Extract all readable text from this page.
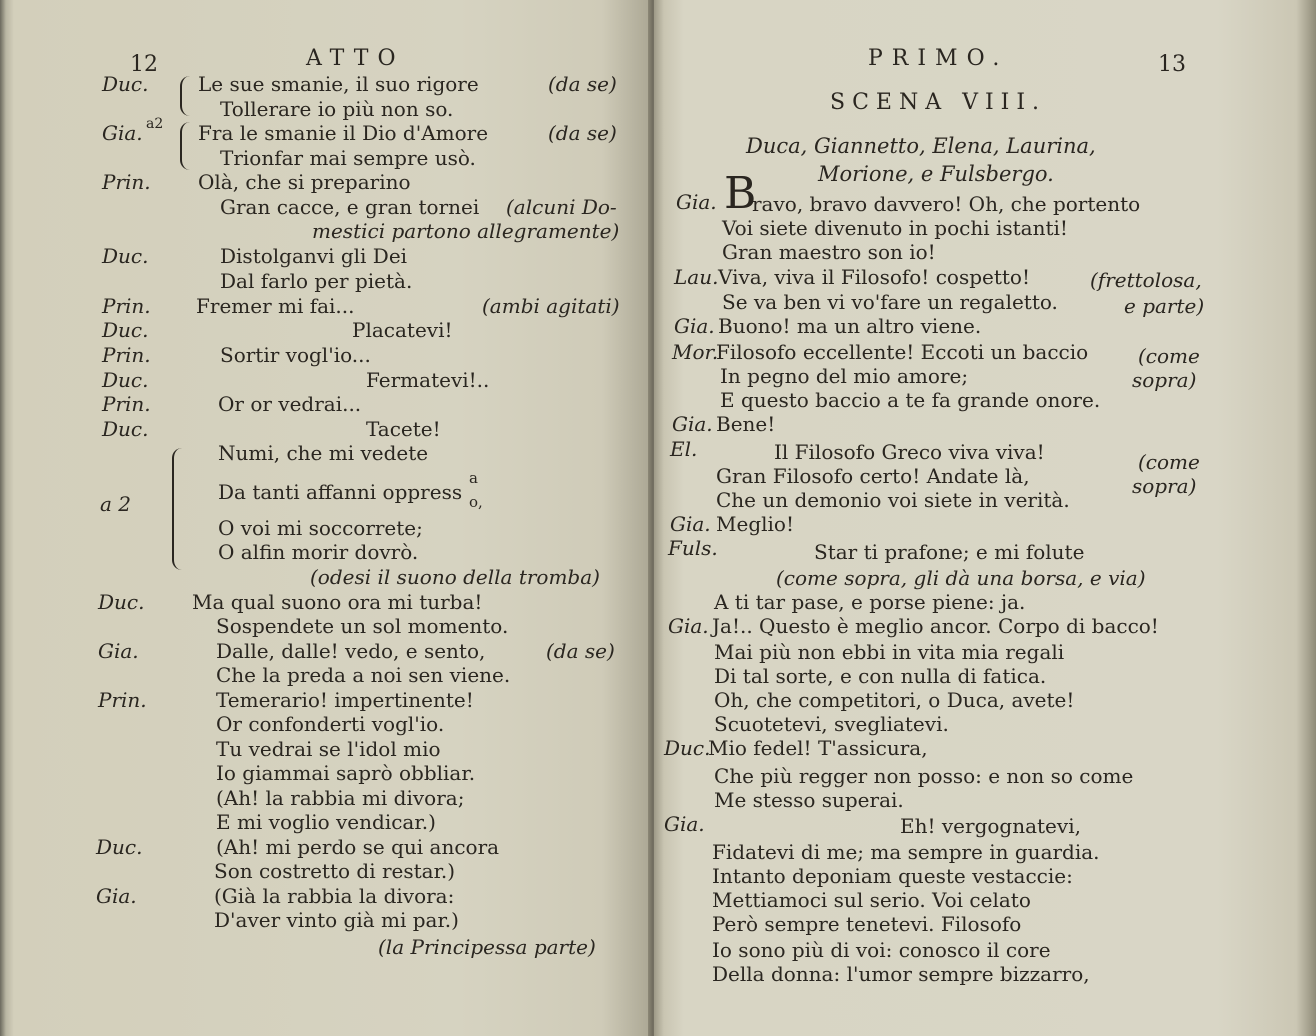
12	ATTO
a2
Duc. Le sue smanie, il suo rigore	(da se)
Tollerare io più non so.
Gia.	Fra le smanie il Dio d'Amore	(da se)
Trionfar mai sempre usò.
Prin. Olà, che si preparino
Gran cacce, e gran tornei (alcuni Do-
mestici partono allegramente)
Duc.	Distolganvi gli Dei
Dal farlo per pietà.
Prin. Fremer mi fai...	(ambi agitati)
Duc.	Placatevi!
Prin.	Sortir vogl'io...
Duc.	Fermatevi!..
Prin.	Or or vedrai...
Duc.	Tacete!
Numi, che mi vedete
a 2	Da tanti affanni oppress
a
o,
O voi mi soccorrete;
O alfin morir dovrò.
(odesi il suono della tromba)
Duc. Ma qual suono ora mi turba!
Sospendete un sol momento.
Gia.	Dalle, dalle! vedo, e sento,	(da se)
Che la preda a noi sen viene.
Prin.	Temerario! impertinente!
Or confonderti vogl'io.
Tu vedrai se l'idol mio
Io giammai saprò obbliar.
(Ah! la rabbia mi divora;
E mi voglio vendicar.)
Duc.	(Ah! mi perdo se qui ancora
Son costretto di restar.)
Gia.	(Già la rabbia la divora:
D'aver vinto già mi par.)
(la Principessa parte)
PRIMO.	13
SCENA VIII.
Duca, Giannetto, Elena, Laurina,
Morione, e Fulsbergo.
B
Gia. ravo, bravo davvero! Oh, che portento
Voi siete divenuto in pochi istanti!
Gran maestro son io!
Lau. Viva, viva il Filosofo! cospetto!	(frettolosa,
Se va ben vi vo'fare un regaletto.	e parte)
Gia. Buono! ma un altro viene.
Mor.
Filosofo eccellente! Eccoti un baccio (come
In pegno del mio amore;	sopra)
E questo baccio a te fa grande onore.
Gia. Bene!
El.	Il Filosofo Greco viva viva!	(come
Gran Filosofo certo! Andate là,	sopra)
Che un demonio voi siete in verità.
Gia. Meglio!
Fuls.	Star ti prafone; e mi folute
(come sopra, gli dà una borsa, e via)
A ti tar pase, e porse piene: ja.
Gia. Ja!.. Questo è meglio ancor. Corpo di bacco!
Mai più non ebbi in vita mia regali
Di tal sorte, e con nulla di fatica.
Oh, che competitori, o Duca, avete!
Scuotetevi, svegliatevi.
Duc.
Mio fedel! T'assicura,
Che più regger non posso: e non so come
Me stesso superai.
Gia.	Eh! vergognatevi,
Fidatevi di me; ma sempre in guardia.
Intanto deponiam queste vestaccie:
Mettiamoci sul serio. Voi celato
Però sempre tenetevi. Filosofo
Io sono più di voi: conosco il core
Della donna: l'umor sempre bizzarro,
